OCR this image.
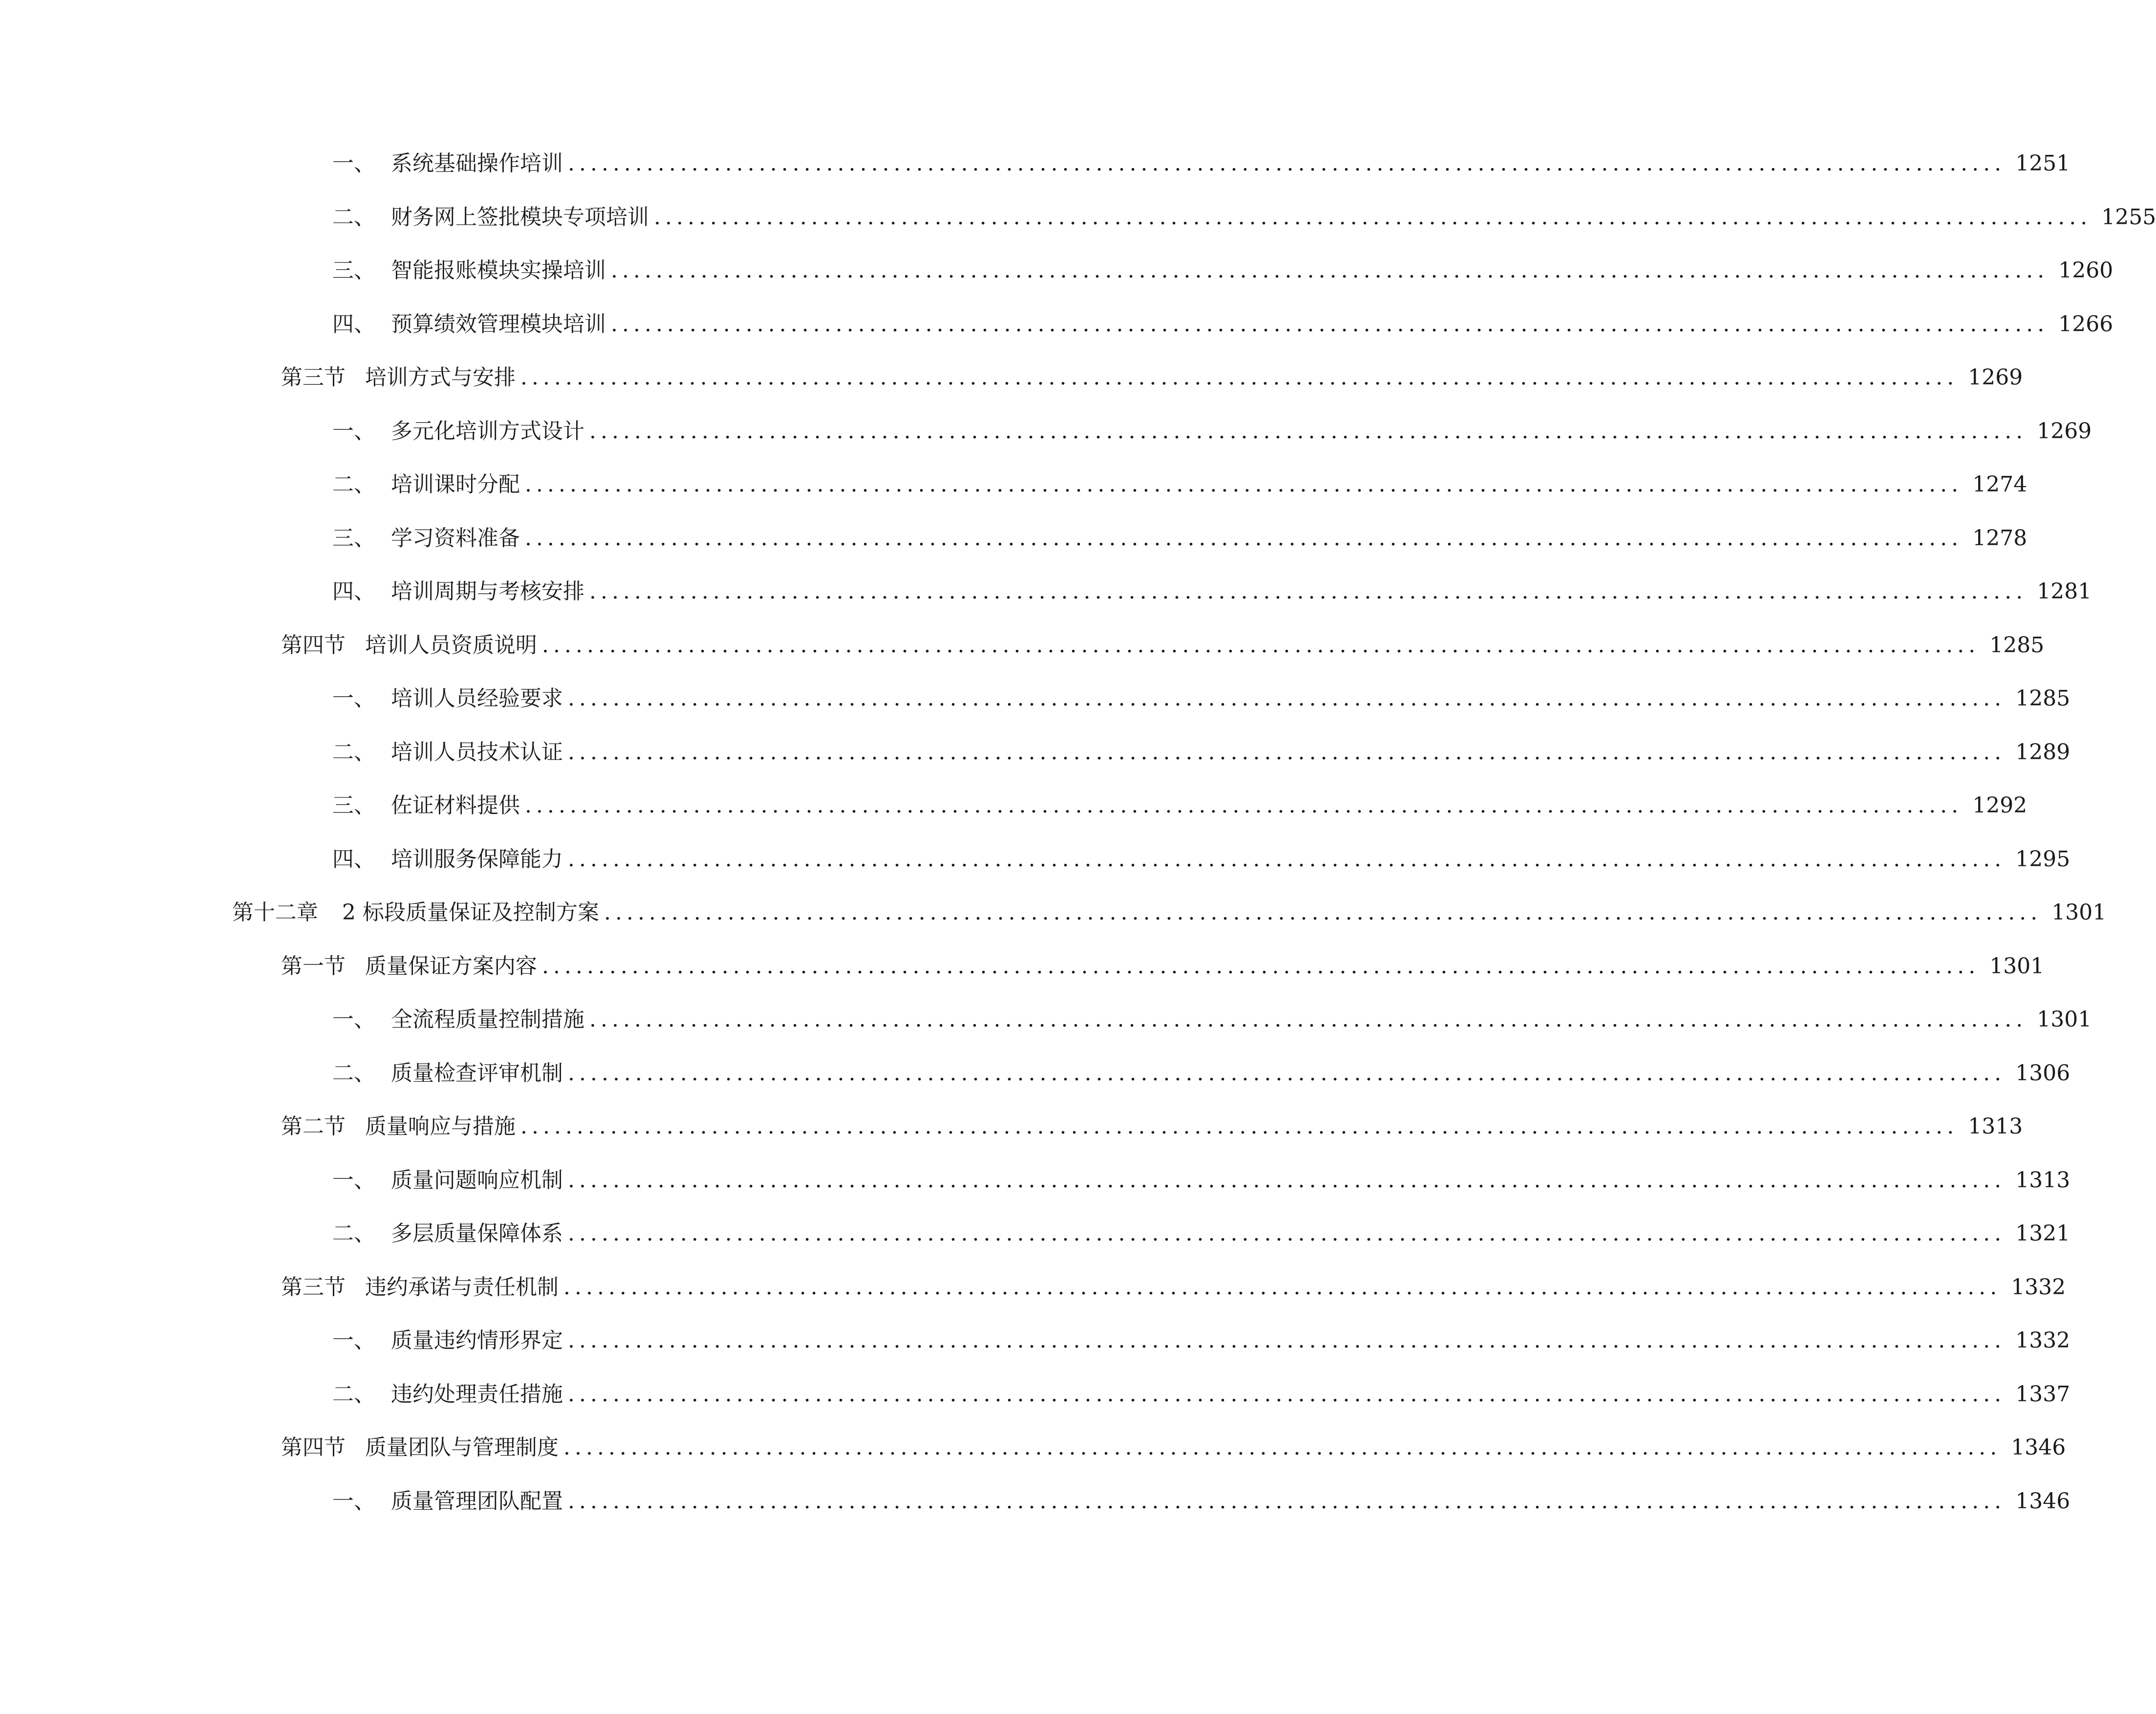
一、 系统基础操作培训 ................................................................................................................................ 1251
二、 财务网上签批模块专项培训 ................................................................................................................................ 1255
三、 智能报账模块实操培训 ................................................................................................................................ 1260
四、 预算绩效管理模块培训 ................................................................................................................................ 1266
第三节 培训方式与安排 ................................................................................................................................ 1269
一、 多元化培训方式设计 ................................................................................................................................ 1269
二、 培训课时分配 ................................................................................................................................ 1274
三、 学习资料准备 ................................................................................................................................ 1278
四、 培训周期与考核安排 ................................................................................................................................ 1281
第四节 培训人员资质说明 ................................................................................................................................ 1285
一、 培训人员经验要求 ................................................................................................................................ 1285
二、 培训人员技术认证 ................................................................................................................................ 1289
三、 佐证材料提供 ................................................................................................................................ 1292
四、 培训服务保障能力 ................................................................................................................................ 1295
第十二章	2 标段质量保证及控制方案 ................................................................................................................................ 1301
第一节 质量保证方案内容 ................................................................................................................................ 1301
一、 全流程质量控制措施 ................................................................................................................................ 1301
二、 质量检查评审机制 ................................................................................................................................ 1306
第二节 质量响应与措施 ................................................................................................................................ 1313
一、 质量问题响应机制 ................................................................................................................................ 1313
二、 多层质量保障体系 ................................................................................................................................ 1321
第三节 违约承诺与责任机制 ................................................................................................................................ 1332
一、 质量违约情形界定 ................................................................................................................................ 1332
二、 违约处理责任措施 ................................................................................................................................ 1337
第四节 质量团队与管理制度 ................................................................................................................................ 1346
一、 质量管理团队配置 ................................................................................................................................ 1346
